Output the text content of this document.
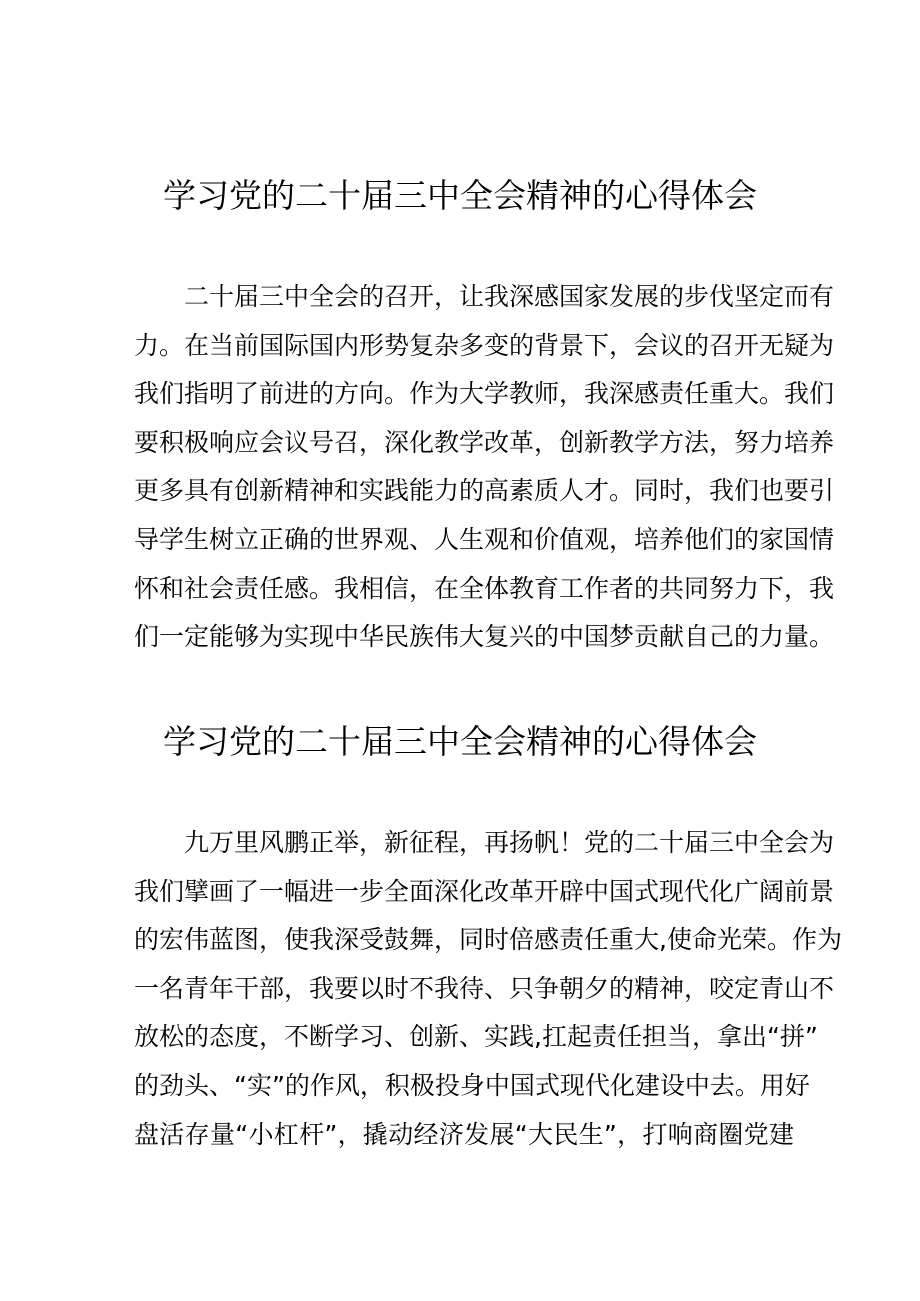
学习党的二十届三中全会精神的心得体会
二十届三中全会的召开，让我深感国家发展的步伐坚定而有
力。在当前国际国内形势复杂多变的背景下，会议的召开无疑为
我们指明了前进的方向。作为大学教师，我深感责任重大。我们
要积极响应会议号召，深化教学改革，创新教学方法，努力培养
更多具有创新精神和实践能力的高素质人才。同时，我们也要引
导学生树立正确的世界观、人生观和价值观，培养他们的家国情
怀和社会责任感。我相信，在全体教育工作者的共同努力下，我
们一定能够为实现中华民族伟大复兴的中国梦贡献自己的力量。
学习党的二十届三中全会精神的心得体会
九万里风鹏正举，新征程，再扬帆！党的二十届三中全会为
我们擘画了一幅进一步全面深化改革开辟中国式现代化广阔前景
的宏伟蓝图，使我深受鼓舞，同时倍感责任重大,使命光荣。作为
一名青年干部，我要以时不我待、只争朝夕的精神，咬定青山不
放松的态度，不断学习、创新、实践,扛起责任担当，拿出“拼”
的劲头、“实”的作风，积极投身中国式现代化建设中去。用好
盘活存量“小杠杆”，撬动经济发展“大民生”，打响商圈党建
